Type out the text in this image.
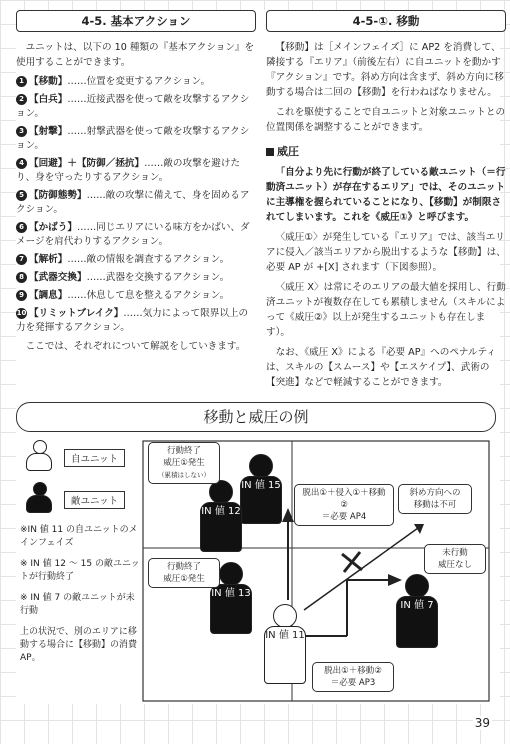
4-5. 基本アクション

ユニットは、以下の 10 種類の『基本アクション』を使用することができます。

1 【移動】……位置を変更するアクション。

2 【白兵】……近接武器を使って敵を攻撃するアクション。

3 【射撃】……射撃武器を使って敵を攻撃するアクション。

4 【回避】＋【防御／拯抗】……敵の攻撃を避けたり、身を守ったりするアクション。

5 【防御態勢】……敵の攻撃に備えて、身を固めるアクション。

6 【かばう】……同じエリアにいる味方をかばい、ダメージを肩代わりするアクション。

7 【解析】……敵の情報を調査するアクション。

8 【武器交換】……武器を交換するアクション。

9 【調息】……休息して息を整えるアクション。

10 【リミットブレイク】……気力によって限界以上の力を発揮するアクション。

ここでは、それぞれについて解説をしていきます。

4-5-①. 移動

【移動】は［メインフェイズ］に AP2 を消費して、隣接する『エリア』（前後左右）に自ユニットを動かす『アクション』です。斜め方向は含まず、斜め方向に移動する場合は二回の【移動】を行わねばなりません。

これを駆使することで自ユニットと対象ユニットとの位置関係を調整することができます。

威圧

「自分より先に行動が終了している敵ユニット（＝行動済ユニット）が存在するエリア」では、そのユニットに主導権を握られていることになり、【移動】が制限されてしまいます。これを《威圧①》と呼びます。

〈威圧①〉が発生している『エリア』では、該当エリアに侵入／該当エリアから脱出するような【移動】は、必要 AP が +[X] されます（下図参照）。

〈威圧 X〉は常にそのエリアの最大値を採用し、行動済ユニットが複数存在しても累積しません（スキルによって《威圧②》以上が発生するユニットも存在します）。

なお、《威圧 X》による『必要 AP』へのペナルティは、スキルの【スムース】や【エスケイプ】、武術の【突進】などで軽減することができます。

移動と威圧の例
自ユニット
敵ユニット

※IN 値 11 の自ユニットのメインフェイズ

※ IN 値 12 〜 15 の敵ユニットが行動終了

※ IN 値 7 の敵ユニットが未行動

上の状況で、別のエリアに移動する場合に【移動】の消費 AP。

IN 値 15
IN 値 12
IN 値 13
IN 値 7
IN 値 11
行動終了
威圧①発生
（累積はしない）
行動終了
威圧①発生
未行動
威圧なし
斜め方向への
移動は不可
脱出①＋侵入①＋移動②
＝必要 AP4
脱出①＋移動②
＝必要 AP3
39
